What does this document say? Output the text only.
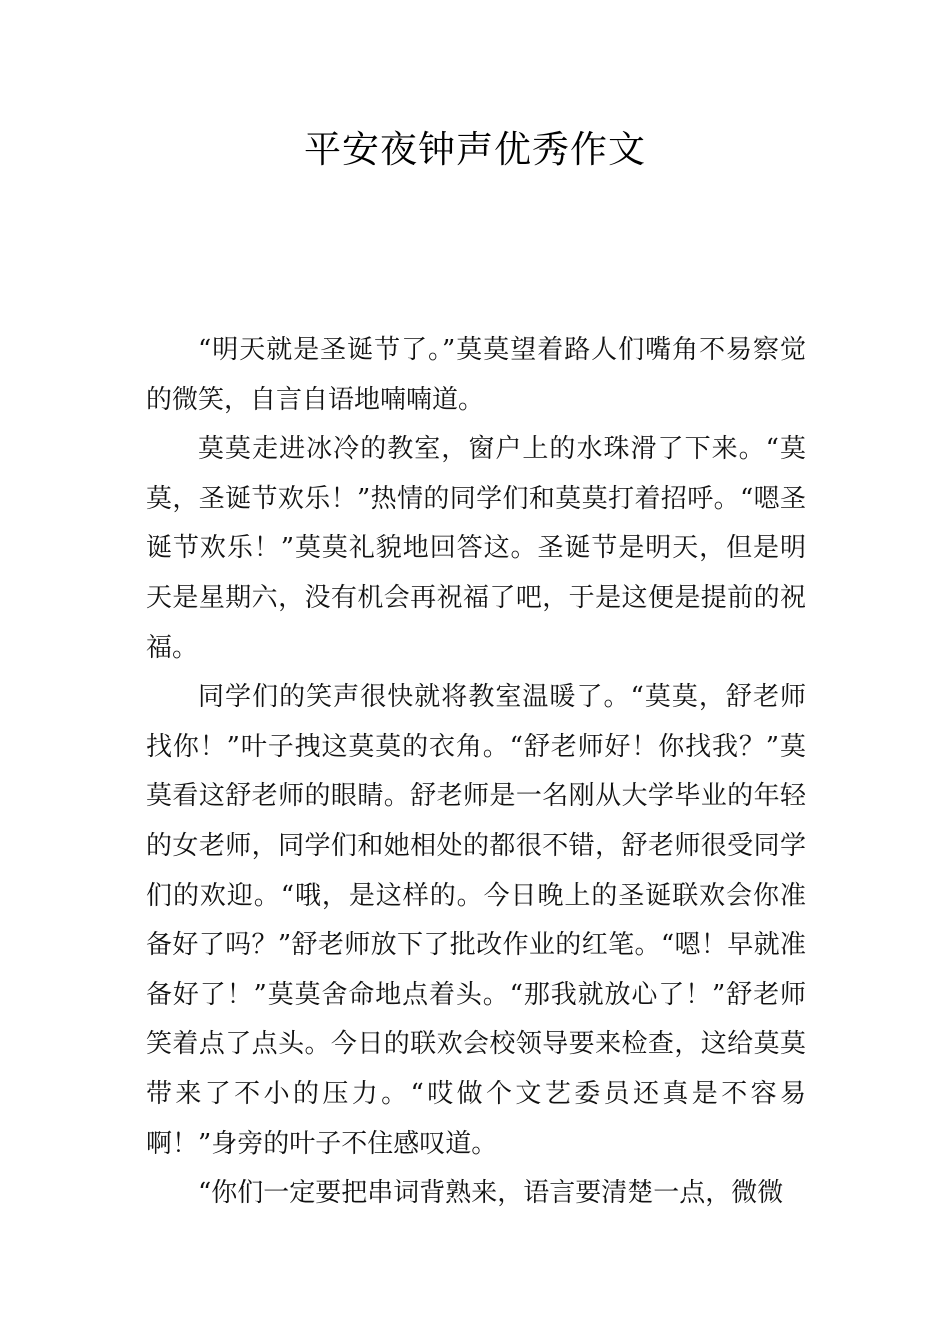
平安夜钟声优秀作文

“明天就是圣诞节了。”莫莫望着路人们嘴角不易察觉的微笑，自言自语地喃喃道。

莫莫走进冰冷的教室，窗户上的水珠滑了下来。“莫莫，圣诞节欢乐！”热情的同学们和莫莫打着招呼。“嗯圣诞节欢乐！”莫莫礼貌地回答这。圣诞节是明天，但是明天是星期六，没有机会再祝福了吧，于是这便是提前的祝福。

同学们的笑声很快就将教室温暖了。“莫莫，舒老师找你！”叶子拽这莫莫的衣角。“舒老师好！你找我？”莫莫看这舒老师的眼睛。舒老师是一名刚从大学毕业的年轻的女老师，同学们和她相处的都很不错，舒老师很受同学们的欢迎。“哦，是这样的。今日晚上的圣诞联欢会你准备好了吗？”舒老师放下了批改作业的红笔。“嗯！早就准备好了！”莫莫舍命地点着头。“那我就放心了！”舒老师笑着点了点头。今日的联欢会校领导要来检查，这给莫莫带来了不小的压力。“哎做个文艺委员还真是不容易啊！”身旁的叶子不住感叹道。

“你们一定要把串词背熟来，语言要清楚一点，微微
